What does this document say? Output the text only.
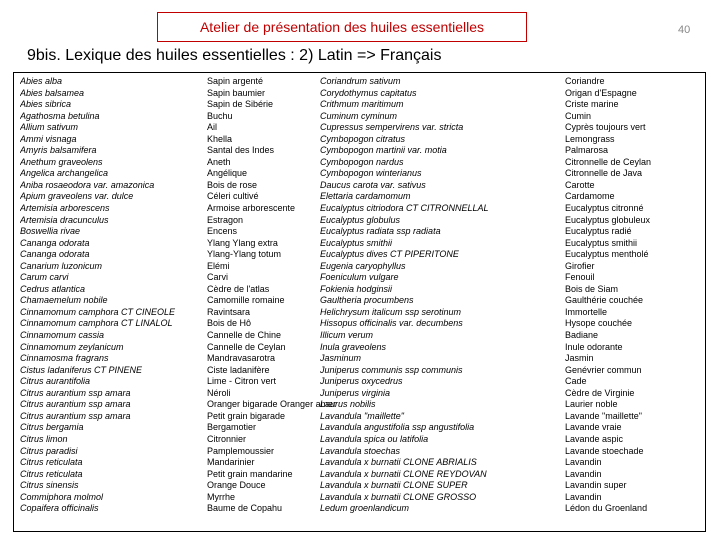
Atelier de présentation des huiles essentielles	40
9bis. Lexique des huiles essentielles : 2) Latin => Français
Abies alba
Abies balsamea
Abies sibrica
Agathosma betulina
Allium sativum
Ammi visnaga
Amyris balsamifera
Anethum graveolens
Angelica archangelica
Aniba rosaeodora var. amazonica
Apium graveolens var. dulce
Artemisia arborescens
Artemisia dracunculus
Boswellia rivae
Cananga odorata
Cananga odorata
Canarium luzonicum
Carum carvi
Cedrus atlantica
Chamaemelum nobile
Cinnamomum camphora CT CINEOLE
Cinnamomum camphora CT LINALOL
Cinnamomum cassia
Cinnamomum zeylanicum
Cinnamosma fragrans
Cistus ladaniferus CT PINENE
Citrus aurantifolia
Citrus aurantium ssp amara
Citrus aurantium ssp amara
Citrus aurantium ssp amara
Citrus bergamia
Citrus limon
Citrus paradisi
Citrus reticulata
Citrus reticulata
Citrus sinensis
Commiphora molmol
Copaifera officinalis
Sapin argenté
Sapin baumier
Sapin de Sibérie
Buchu
Ail
Khella
Santal des Indes
Aneth
Angélique
Bois de rose
Céleri cultivé
Armoise arborescente
Estragon
Encens
Ylang Ylang extra
Ylang-Ylang totum
Elémi
Carvi
Cèdre de l'atlas
Camomille romaine
Ravintsara
Bois de Hô
Cannelle de Chine
Cannelle de Ceylan
Mandravasarotra
Ciste ladanifère
Lime - Citron vert
Néroli
Oranger bigarade Oranger amer
Petit grain bigarade
Bergamotier
Citronnier
Pamplemoussier
Mandarinier
Petit grain mandarine
Orange Douce
Myrrhe
Baume de Copahu
Coriandrum sativum
Corydothymus capitatus
Crithmum maritimum
Cuminum cyminum
Cupressus sempervirens var. stricta
Cymbopogon citratus
Cymbopogon martinii var. motia
Cymbopogon nardus
Cymbopogon winterianus
Daucus carota var. sativus
Elettaria cardamomum
Eucalyptus citriodora CT CITRONNELLAL
Eucalyptus globulus
Eucalyptus radiata ssp radiata
Eucalyptus smithii
Eucalyptus dives CT PIPERITONE
Eugenia caryophyllus
Foeniculum vulgare
Fokienia hodginsii
Gaultheria procumbens
Helichrysum italicum ssp serotinum
Hissopus officinalis var. decumbens
Illicum verum
Inula graveolens
Jasminum
Juniperus communis ssp communis
Juniperus oxycedrus
Juniperus virginia
Laurus nobilis
Lavandula "maillette"
Lavandula angustifolia ssp angustifolia
Lavandula spica ou latifolia
Lavandula stoechas
Lavandula x burnatii CLONE ABRIALIS
Lavandula x burnatii CLONE REYDOVAN
Lavandula x burnatii CLONE SUPER
Lavandula x burnatii CLONE GROSSO
Ledum groenlandicum
Coriandre
Origan d'Espagne
Criste marine
Cumin
Cyprès toujours vert
Lemongrass
Palmarosa
Citronnelle de Ceylan
Citronnelle de Java
Carotte
Cardamome
Eucalyptus citronné
Eucalyptus globuleux
Eucalyptus radié
Eucalyptus smithii
Eucalyptus mentholé
Girofier
Fenouil
Bois de Siam
Gaulthérie couchée
Immortelle
Hysope couchée
Badiane
Inule odorante
Jasmin
Genévrier commun
Cade
Cèdre de Virginie
Laurier noble
Lavande "maillette"
Lavande vraie
Lavande aspic
Lavande stoechade
Lavandin
Lavandin
Lavandin super
Lavandin
Lédon du Groenland
